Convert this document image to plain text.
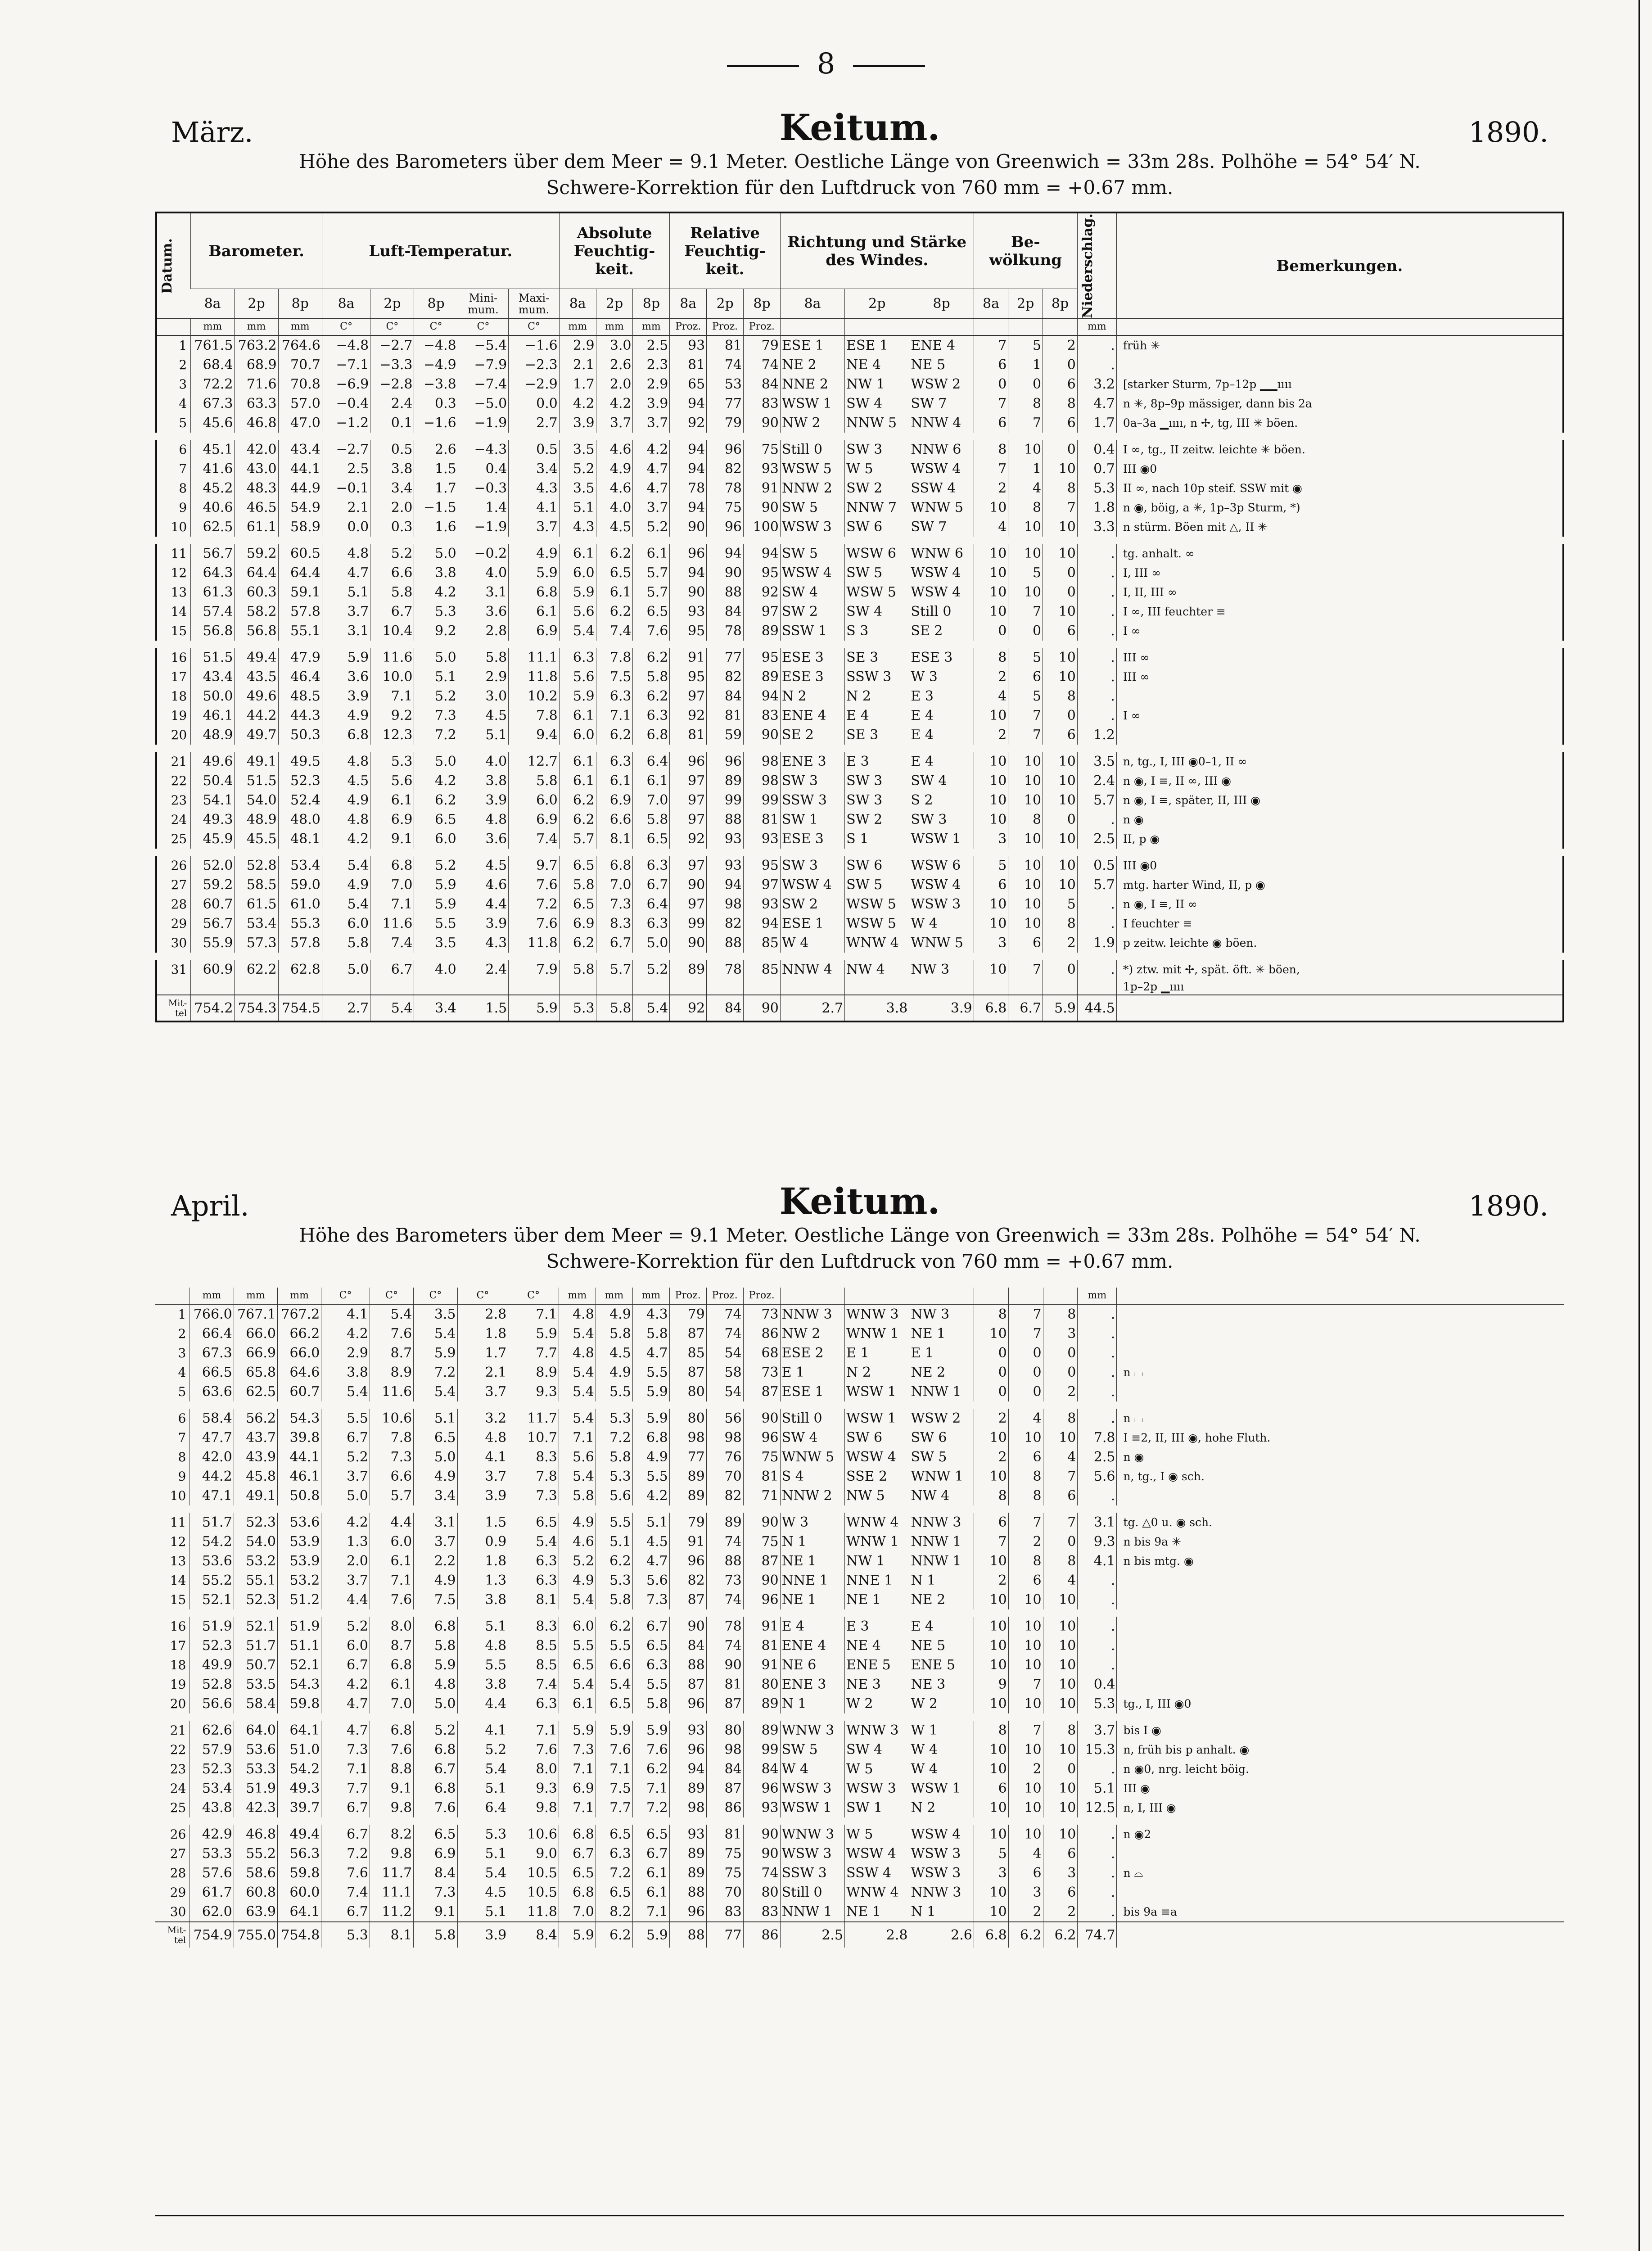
8
März.	Keitum.	1890.
Höhe des Barometers über dem Meer = 9.1 Meter. Oestliche Länge von Greenwich = 33m 28s. Polhöhe = 54° 54′ N.
Schwere-Korrektion für den Luftdruck von 760 mm = +0.67 mm.
Datum.	Barometer.			Luft-Temperatur.					Absolute Feuchtig-keit.			Relative Feuchtig-keit.			Richtung und Stärke des Windes.			Be-wölkung			Niederschlag.	Bemerkungen.
	8a	2p	8p	8a	2p	8p	Mini-mum.	Maxi-mum.	8a	2p	8p	8a	2p	8p	8a	2p	8p	8a	2p	8p		
	mm	mm	mm	C°	C°	C°	C°	C°	mm	mm	mm	Proz.	Proz.	Proz.							mm	
1	761.5	763.2	764.6	−4.8	−2.7	−4.8	−5.4	−1.6	2.9	3.0	2.5	93	81	79	ESE 1	ESE 1	ENE 4	7	5	2	.	früh ✳
2	68.4	68.9	70.7	−7.1	−3.3	−4.9	−7.9	−2.3	2.1	2.6	2.3	81	74	74	NE 2	NE 4	NE 5	6	1	0	.	
3	72.2	71.6	70.8	−6.9	−2.8	−3.8	−7.4	−2.9	1.7	2.0	2.9	65	53	84	NNE 2	NW 1	WSW 2	0	0	6	3.2	[starker Sturm, 7p–12p ▁▁ıııı
4	67.3	63.3	57.0	−0.4	2.4	0.3	−5.0	0.0	4.2	4.2	3.9	94	77	83	WSW 1	SW 4	SW 7	7	8	8	4.7	n ✳, 8p–9p mässiger, dann bis 2a
5	45.6	46.8	47.0	−1.2	0.1	−1.6	−1.9	2.7	3.9	3.7	3.7	92	79	90	NW 2	NNW 5	NNW 4	6	7	6	1.7	0a–3a ▁ıııı, n ✢, tg, III ✳ böen.
6	45.1	42.0	43.4	−2.7	0.5	2.6	−4.3	0.5	3.5	4.6	4.2	94	96	75	Still 0	SW 3	NNW 6	8	10	0	0.4	I ∞, tg., II zeitw. leichte ✳ böen.
7	41.6	43.0	44.1	2.5	3.8	1.5	0.4	3.4	5.2	4.9	4.7	94	82	93	WSW 5	W 5	WSW 4	7	1	10	0.7	III ◉0
8	45.2	48.3	44.9	−0.1	3.4	1.7	−0.3	4.3	3.5	4.6	4.7	78	78	91	NNW 2	SW 2	SSW 4	2	4	8	5.3	II ∞, nach 10p steif. SSW mit ◉
9	40.6	46.5	54.9	2.1	2.0	−1.5	1.4	4.1	5.1	4.0	3.7	94	75	90	SW 5	NNW 7	WNW 5	10	8	7	1.8	n ◉, böig, a ✳, 1p–3p Sturm, *)
10	62.5	61.1	58.9	0.0	0.3	1.6	−1.9	3.7	4.3	4.5	5.2	90	96	100	WSW 3	SW 6	SW 7	4	10	10	3.3	n stürm. Böen mit △, II ✳
11	56.7	59.2	60.5	4.8	5.2	5.0	−0.2	4.9	6.1	6.2	6.1	96	94	94	SW 5	WSW 6	WNW 6	10	10	10	.	tg. anhalt. ∞
12	64.3	64.4	64.4	4.7	6.6	3.8	4.0	5.9	6.0	6.5	5.7	94	90	95	WSW 4	SW 5	WSW 4	10	5	0	.	I, III ∞
13	61.3	60.3	59.1	5.1	5.8	4.2	3.1	6.8	5.9	6.1	5.7	90	88	92	SW 4	WSW 5	WSW 4	10	10	0	.	I, II, III ∞
14	57.4	58.2	57.8	3.7	6.7	5.3	3.6	6.1	5.6	6.2	6.5	93	84	97	SW 2	SW 4	Still 0	10	7	10	.	I ∞, III feuchter ≡
15	56.8	56.8	55.1	3.1	10.4	9.2	2.8	6.9	5.4	7.4	7.6	95	78	89	SSW 1	S 3	SE 2	0	0	6	.	I ∞
16	51.5	49.4	47.9	5.9	11.6	5.0	5.8	11.1	6.3	7.8	6.2	91	77	95	ESE 3	SE 3	ESE 3	8	5	10	.	III ∞
17	43.4	43.5	46.4	3.6	10.0	5.1	2.9	11.8	5.6	7.5	5.8	95	82	89	ESE 3	SSW 3	W 3	2	6	10	.	III ∞
18	50.0	49.6	48.5	3.9	7.1	5.2	3.0	10.2	5.9	6.3	6.2	97	84	94	N 2	N 2	E 3	4	5	8	.	
19	46.1	44.2	44.3	4.9	9.2	7.3	4.5	7.8	6.1	7.1	6.3	92	81	83	ENE 4	E 4	E 4	10	7	0	.	I ∞
20	48.9	49.7	50.3	6.8	12.3	7.2	5.1	9.4	6.0	6.2	6.8	81	59	90	SE 2	SE 3	E 4	2	7	6	1.2	
21	49.6	49.1	49.5	4.8	5.3	5.0	4.0	12.7	6.1	6.3	6.4	96	96	98	ENE 3	E 3	E 4	10	10	10	3.5	n, tg., I, III ◉0–1, II ∞
22	50.4	51.5	52.3	4.5	5.6	4.2	3.8	5.8	6.1	6.1	6.1	97	89	98	SW 3	SW 3	SW 4	10	10	10	2.4	n ◉, I ≡, II ∞, III ◉
23	54.1	54.0	52.4	4.9	6.1	6.2	3.9	6.0	6.2	6.9	7.0	97	99	99	SSW 3	SW 3	S 2	10	10	10	5.7	n ◉, I ≡, später, II, III ◉
24	49.3	48.9	48.0	4.8	6.9	6.5	4.8	6.9	6.2	6.6	5.8	97	88	81	SW 1	SW 2	SW 3	10	8	0	.	n ◉
25	45.9	45.5	48.1	4.2	9.1	6.0	3.6	7.4	5.7	8.1	6.5	92	93	93	ESE 3	S 1	WSW 1	3	10	10	2.5	II, p ◉
26	52.0	52.8	53.4	5.4	6.8	5.2	4.5	9.7	6.5	6.8	6.3	97	93	95	SW 3	SW 6	WSW 6	5	10	10	0.5	III ◉0
27	59.2	58.5	59.0	4.9	7.0	5.9	4.6	7.6	5.8	7.0	6.7	90	94	97	WSW 4	SW 5	WSW 4	6	10	10	5.7	mtg. harter Wind, II, p ◉
28	60.7	61.5	61.0	5.4	7.1	5.9	4.4	7.2	6.5	7.3	6.4	97	98	93	SW 2	WSW 5	WSW 3	10	10	5	.	n ◉, I ≡, II ∞
29	56.7	53.4	55.3	6.0	11.6	5.5	3.9	7.6	6.9	8.3	6.3	99	82	94	ESE 1	WSW 5	W 4	10	10	8	.	I feuchter ≡
30	55.9	57.3	57.8	5.8	7.4	3.5	4.3	11.8	6.2	6.7	5.0	90	88	85	W 4	WNW 4	WNW 5	3	6	2	1.9	p zeitw. leichte ◉ böen.
31	60.9	62.2	62.8	5.0	6.7	4.0	2.4	7.9	5.8	5.7	5.2	89	78	85	NNW 4	NW 4	NW 3	10	7	0	.	*) ztw. mit ✢, spät. öft. ✳ böen,
																						1p–2p ▁ıııı
Mit-tel	754.2	754.3	754.5	2.7	5.4	3.4	1.5	5.9	5.3	5.8	5.4	92	84	90	2.7	3.8	3.9	6.8	6.7	5.9	44.5	
April.	Keitum.	1890.
Höhe des Barometers über dem Meer = 9.1 Meter. Oestliche Länge von Greenwich = 33m 28s. Polhöhe = 54° 54′ N.
Schwere-Korrektion für den Luftdruck von 760 mm = +0.67 mm.
	mm	mm	mm	C°	C°	C°	C°	C°	mm	mm	mm	Proz.	Proz.	Proz.							mm	
1	766.0	767.1	767.2	4.1	5.4	3.5	2.8	7.1	4.8	4.9	4.3	79	74	73	NNW 3	WNW 3	NW 3	8	7	8	.	
2	66.4	66.0	66.2	4.2	7.6	5.4	1.8	5.9	5.4	5.8	5.8	87	74	86	NW 2	WNW 1	NE 1	10	7	3	.	
3	67.3	66.9	66.0	2.9	8.7	5.9	1.7	7.7	4.8	4.5	4.7	85	54	68	ESE 2	E 1	E 1	0	0	0	.	
4	66.5	65.8	64.6	3.8	8.9	7.2	2.1	8.9	5.4	4.9	5.5	87	58	73	E 1	N 2	NE 2	0	0	0	.	n ⌴
5	63.6	62.5	60.7	5.4	11.6	5.4	3.7	9.3	5.4	5.5	5.9	80	54	87	ESE 1	WSW 1	NNW 1	0	0	2	.	
6	58.4	56.2	54.3	5.5	10.6	5.1	3.2	11.7	5.4	5.3	5.9	80	56	90	Still 0	WSW 1	WSW 2	2	4	8	.	n ⌴
7	47.7	43.7	39.8	6.7	7.8	6.5	4.8	10.7	7.1	7.2	6.8	98	98	96	SW 4	SW 6	SW 6	10	10	10	7.8	I ≡2, II, III ◉, hohe Fluth.
8	42.0	43.9	44.1	5.2	7.3	5.0	4.1	8.3	5.6	5.8	4.9	77	76	75	WNW 5	WSW 4	SW 5	2	6	4	2.5	n ◉
9	44.2	45.8	46.1	3.7	6.6	4.9	3.7	7.8	5.4	5.3	5.5	89	70	81	S 4	SSE 2	WNW 1	10	8	7	5.6	n, tg., I ◉ sch.
10	47.1	49.1	50.8	5.0	5.7	3.4	3.9	7.3	5.8	5.6	4.2	89	82	71	NNW 2	NW 5	NW 4	8	8	6	.	
11	51.7	52.3	53.6	4.2	4.4	3.1	1.5	6.5	4.9	5.5	5.1	79	89	90	W 3	WNW 4	NNW 3	6	7	7	3.1	tg. △0 u. ◉ sch.
12	54.2	54.0	53.9	1.3	6.0	3.7	0.9	5.4	4.6	5.1	4.5	91	74	75	N 1	WNW 1	NNW 1	7	2	0	9.3	n bis 9a ✳
13	53.6	53.2	53.9	2.0	6.1	2.2	1.8	6.3	5.2	6.2	4.7	96	88	87	NE 1	NW 1	NNW 1	10	8	8	4.1	n bis mtg. ◉
14	55.2	55.1	53.2	3.7	7.1	4.9	1.3	6.3	4.9	5.3	5.6	82	73	90	NNE 1	NNE 1	N 1	2	6	4	.	
15	52.1	52.3	51.2	4.4	7.6	7.5	3.8	8.1	5.4	5.8	7.3	87	74	96	NE 1	NE 1	NE 2	10	10	10	.	
16	51.9	52.1	51.9	5.2	8.0	6.8	5.1	8.3	6.0	6.2	6.7	90	78	91	E 4	E 3	E 4	10	10	10	.	
17	52.3	51.7	51.1	6.0	8.7	5.8	4.8	8.5	5.5	5.5	6.5	84	74	81	ENE 4	NE 4	NE 5	10	10	10	.	
18	49.9	50.7	52.1	6.7	6.8	5.9	5.5	8.5	6.5	6.6	6.3	88	90	91	NE 6	ENE 5	ENE 5	10	10	10	.	
19	52.8	53.5	54.3	4.2	6.1	4.8	3.8	7.4	5.4	5.4	5.5	87	81	80	ENE 3	NE 3	NE 3	9	7	10	0.4	
20	56.6	58.4	59.8	4.7	7.0	5.0	4.4	6.3	6.1	6.5	5.8	96	87	89	N 1	W 2	W 2	10	10	10	5.3	tg., I, III ◉0
21	62.6	64.0	64.1	4.7	6.8	5.2	4.1	7.1	5.9	5.9	5.9	93	80	89	WNW 3	WNW 3	W 1	8	7	8	3.7	bis I ◉
22	57.9	53.6	51.0	7.3	7.6	6.8	5.2	7.6	7.3	7.6	7.6	96	98	99	SW 5	SW 4	W 4	10	10	10	15.3	n, früh bis p anhalt. ◉
23	52.3	53.3	54.2	7.1	8.8	6.7	5.4	8.0	7.1	7.1	6.2	94	84	84	W 4	W 5	W 4	10	2	0	.	n ◉0, nrg. leicht böig.
24	53.4	51.9	49.3	7.7	9.1	6.8	5.1	9.3	6.9	7.5	7.1	89	87	96	WSW 3	WSW 3	WSW 1	6	10	10	5.1	III ◉
25	43.8	42.3	39.7	6.7	9.8	7.6	6.4	9.8	7.1	7.7	7.2	98	86	93	WSW 1	SW 1	N 2	10	10	10	12.5	n, I, III ◉
26	42.9	46.8	49.4	6.7	8.2	6.5	5.3	10.6	6.8	6.5	6.5	93	81	90	WNW 3	W 5	WSW 4	10	10	10	.	n ◉2
27	53.3	55.2	56.3	7.2	9.8	6.9	5.1	9.0	6.7	6.3	6.7	89	75	90	WSW 3	WSW 4	WSW 3	5	4	6	.	
28	57.6	58.6	59.8	7.6	11.7	8.4	5.4	10.5	6.5	7.2	6.1	89	75	74	SSW 3	SSW 4	WSW 3	3	6	3	.	n ⌓
29	61.7	60.8	60.0	7.4	11.1	7.3	4.5	10.5	6.8	6.5	6.1	88	70	80	Still 0	WNW 4	NNW 3	10	3	6	.	
30	62.0	63.9	64.1	6.7	11.2	9.1	5.1	11.8	7.0	8.2	7.1	96	83	83	NNW 1	NE 1	N 1	10	2	2	.	bis 9a ≡a
Mit-tel	754.9	755.0	754.8	5.3	8.1	5.8	3.9	8.4	5.9	6.2	5.9	88	77	86	2.5	2.8	2.6	6.8	6.2	6.2	74.7	
